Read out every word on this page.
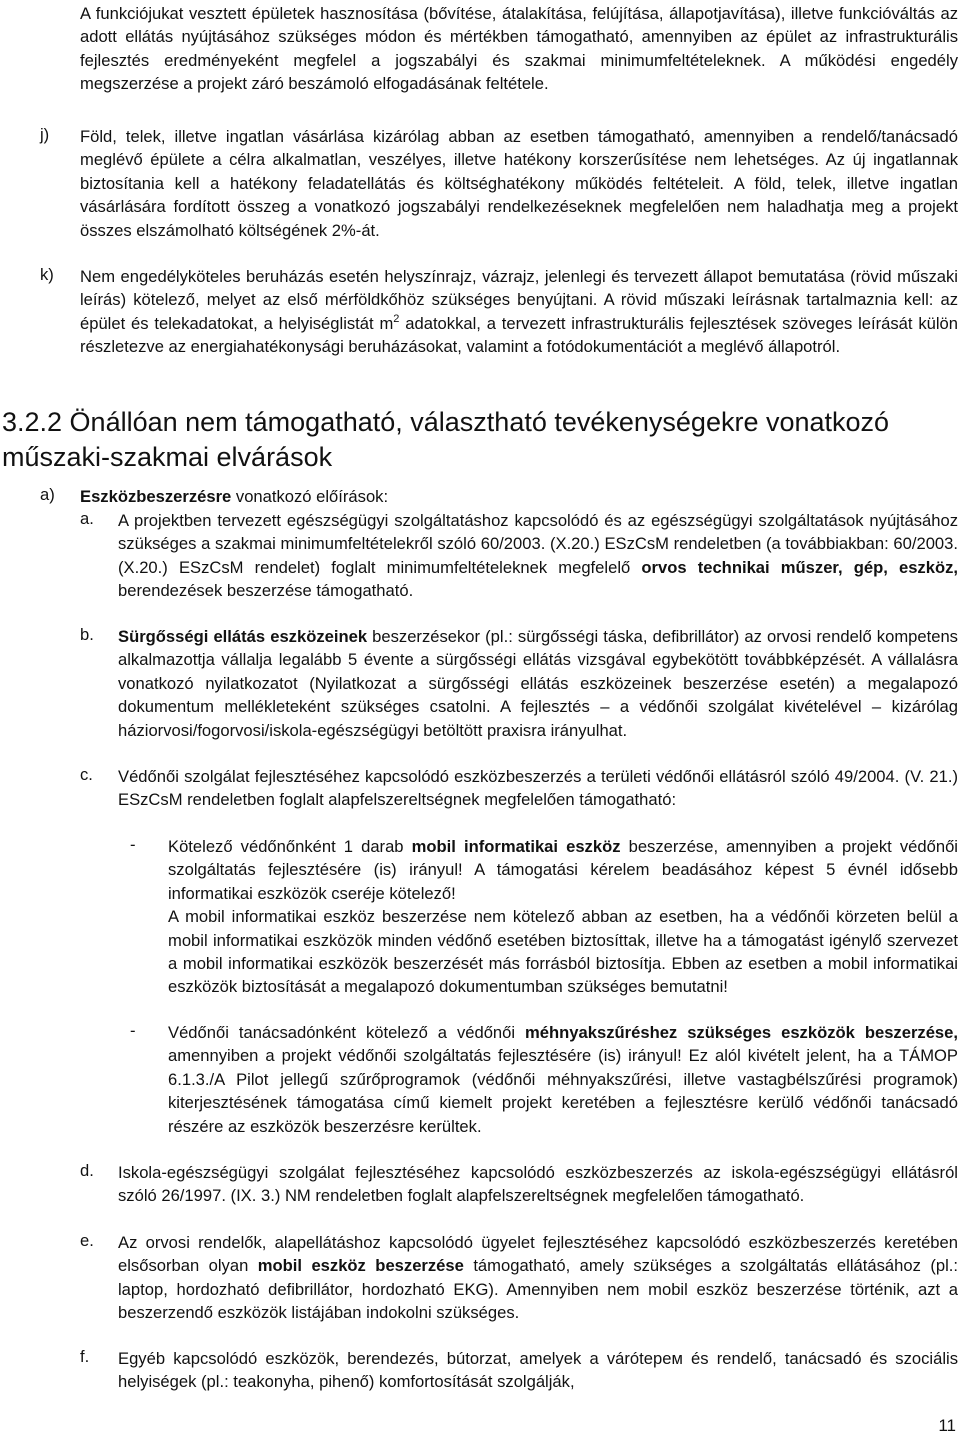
A funkciójukat vesztett épületek hasznosítása (bővítése, átalakítása, felújítása, állapotjavítása), illetve funkcióváltás az adott ellátás nyújtásához szükséges módon és mértékben támogatható, amennyiben az épület az infrastrukturális fejlesztés eredményeként megfelel a jogszabályi és szakmai minimumfeltételeknek. A működési engedély megszerzése a projekt záró beszámoló elfogadásának feltétele.

j) Föld, telek, illetve ingatlan vásárlása kizárólag abban az esetben támogatható, amennyiben a rendelő/tanácsadó meglévő épülete a célra alkalmatlan, veszélyes, illetve hatékony korszerűsítése nem lehetséges. Az új ingatlannak biztosítania kell a hatékony feladatellátás és költséghatékony működés feltételeit. A föld, telek, illetve ingatlan vásárlására fordított összeg a vonatkozó jogszabályi rendelkezéseknek megfelelően nem haladhatja meg a projekt összes elszámolható költségének 2%-át.

k) Nem engedélyköteles beruházás esetén helyszínrajz, vázrajz, jelenlegi és tervezett állapot bemutatása (rövid műszaki leírás) kötelező, melyet az első mérföldkőhöz szükséges benyújtani. A rövid műszaki leírásnak tartalmaznia kell: az épület és telekadatokat, a helyiséglistát $m^2$ adatokkal, a tervezett infrastrukturális fejlesztések szöveges leírását külön részletezve az energiahatékonysági beruházásokat, valamint a fotódokumentációt a meglévő állapotról.

3.2.2 Önállóan nem támogatható, választható tevékenységekre vonatkozó műszaki-szakmai elvárások
a) Eszközbeszerzésre vonatkozó előírások:

a. A projektben tervezett egészségügyi szolgáltatáshoz kapcsolódó és az egészségügyi szolgáltatások nyújtásához szükséges a szakmai minimumfeltételekről szóló 60/2003. (X.20.) ESzCsM rendeletben (a továbbiakban: 60/2003. (X.20.) ESzCsM rendelet) foglalt minimumfeltételeknek megfelelő orvos technikai műszer, gép, eszköz, berendezések beszerzése támogatható.

b. Sürgősségi ellátás eszközeinek beszerzésekor (pl.: sürgősségi táska, defibrillátor) az orvosi rendelő kompetens alkalmazottja vállalja legalább 5 évente a sürgősségi ellátás vizsgával egybekötött továbbképzését. A vállalásra vonatkozó nyilatkozatot (Nyilatkozat a sürgősségi ellátás eszközeinek beszerzése esetén) a megalapozó dokumentum mellékleteként szükséges csatolni. A fejlesztés – a védőnői szolgálat kivételével – kizárólag háziorvosi/fogorvosi/iskola-egészségügyi betöltött praxisra irányulhat.

c. Védőnői szolgálat fejlesztéséhez kapcsolódó eszközbeszerzés a területi védőnői ellátásról szóló 49/2004. (V. 21.) ESzCsM rendeletben foglalt alapfelszereltségnek megfelelően támogatható:

- Kötelező védőnőnként 1 darab mobil informatikai eszköz beszerzése, amennyiben a projekt védőnői szolgáltatás fejlesztésére (is) irányul! A támogatási kérelem beadásához képest 5 évnél idősebb informatikai eszközök cseréje kötelező!

A mobil informatikai eszköz beszerzése nem kötelező abban az esetben, ha a védőnői körzeten belül a mobil informatikai eszközök minden védőnő esetében biztosíttak, illetve ha a támogatást igénylő szervezet a mobil informatikai eszközök beszerzését más forrásból biztosítja. Ebben az esetben a mobil informatikai eszközök biztosítását a megalapozó dokumentumban szükséges bemutatni!

- Védőnői tanácsadónként kötelező a védőnői méhnyakszűréshez szükséges eszközök beszerzése, amennyiben a projekt védőnői szolgáltatás fejlesztésére (is) irányul! Ez alól kivételt jelent, ha a TÁMOP 6.1.3./A Pilot jellegű szűrőprogramok (védőnői méhnyakszűrési, illetve vastagbélszűrési programok) kiterjesztésének támogatása című kiemelt projekt keretében a fejlesztésre kerülő védőnői tanácsadó részére az eszközök beszerzésre kerültek.

d. Iskola-egészségügyi szolgálat fejlesztéséhez kapcsolódó eszközbeszerzés az iskola-egészségügyi ellátásról szóló 26/1997. (IX. 3.) NM rendeletben foglalt alapfelszereltségnek megfelelően támogatható.

e. Az orvosi rendelők, alapellátáshoz kapcsolódó ügyelet fejlesztéséhez kapcsolódó eszközbeszerzés keretében elsősorban olyan mobil eszköz beszerzése támogatható, amely szükséges a szolgáltatás ellátásához (pl.: laptop, hordozható defibrillátor, hordozható EKG). Amennyiben nem mobil eszköz beszerzése történik, azt a beszerzendő eszközök listájában indokolni szükséges.

f. Egyéb kapcsolódó eszközök, berendezés, bútorzat, amelyek a várótерем és rendelő, tanácsadó és szociális helyiségek (pl.: teakonyha, pihenő) komfortosítását szolgálják,

11
